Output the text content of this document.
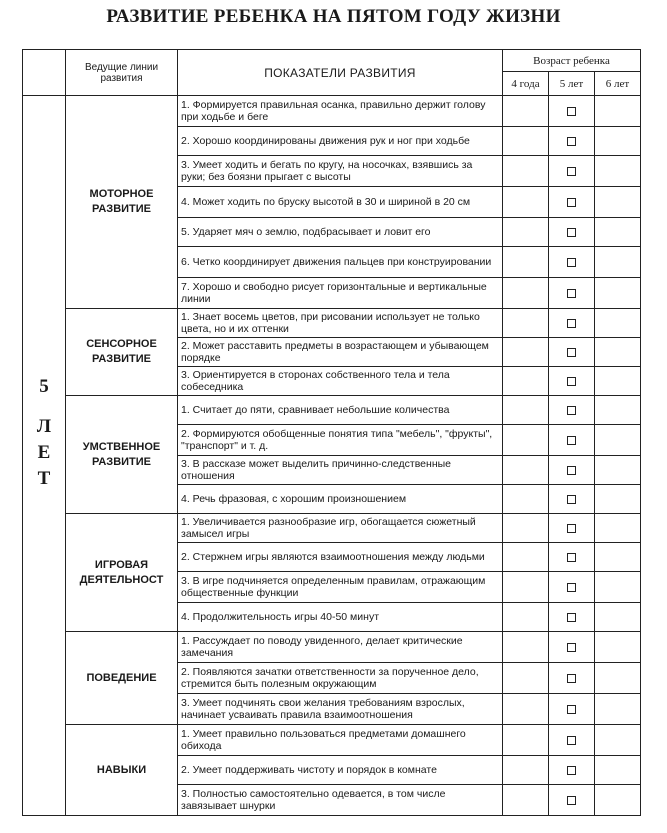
РАЗВИТИЕ РЕБЕНКА НА ПЯТОМ ГОДУ ЖИЗНИ
	Ведущие линии развития	ПОКАЗАТЕЛИ РАЗВИТИЯ	Возраст ребенка		
			4 года	5 лет	6 лет

5
Л
Е
Т	МОТОРНОЕ РАЗВИТИЕ	1. Формируется правильная осанка, правильно держит голову при ходьбе и беге			
		2. Хорошо координированы движения рук и ног при ходьбе			
		3. Умеет ходить и бегать по кругу, на носочках, взявшись за руки; без боязни прыгает с высоты			
		4. Может ходить по бруску высотой в 30 и шириной в 20 см			
		5. Ударяет мяч о землю, подбрасывает и ловит его			
		6. Четко координирует движения пальцев при конструировании			
		7. Хорошо и свободно рисует горизонтальные и вертикальные линии			
	СЕНСОРНОЕ РАЗВИТИЕ	1. Знает восемь цветов, при рисовании использует не только цвета, но и их оттенки			
		2. Может расставить предметы в возрастающем и убывающем порядке			
		3. Ориентируется в сторонах собственного тела и тела собеседника			
	УМСТВЕННОЕ РАЗВИТИЕ	1. Считает до пяти, сравнивает небольшие количества			
		2. Формируются обобщенные понятия типа "мебель", "фрукты", "транспорт" и т. д.			
		3. В рассказе может выделить причинно-следственные отношения			
		4. Речь фразовая, с хорошим произношением			
	ИГРОВАЯ ДЕЯТЕЛЬНОСТ	1. Увеличивается разнообразие игр, обогащается сюжетный замысел игры			
		2. Стержнем игры являются взаимоотношения между людьми			
		3. В игре подчиняется определенным правилам, отражающим общественные функции			
		4. Продолжительность игры 40-50 минут			
	ПОВЕДЕНИЕ	1. Рассуждает по поводу увиденного, делает критические замечания			
		2. Появляются зачатки ответственности за порученное дело, стремится быть полезным окружающим			
		3. Умеет подчинять свои желания требованиям взрослых, начинает усваивать правила взаимоотношения			
	НАВЫКИ	1. Умеет правильно пользоваться предметами домашнего обихода			
		2. Умеет поддерживать чистоту и порядок в комнате			
		3. Полностью самостоятельно одевается, в том числе завязывает шнурки			
